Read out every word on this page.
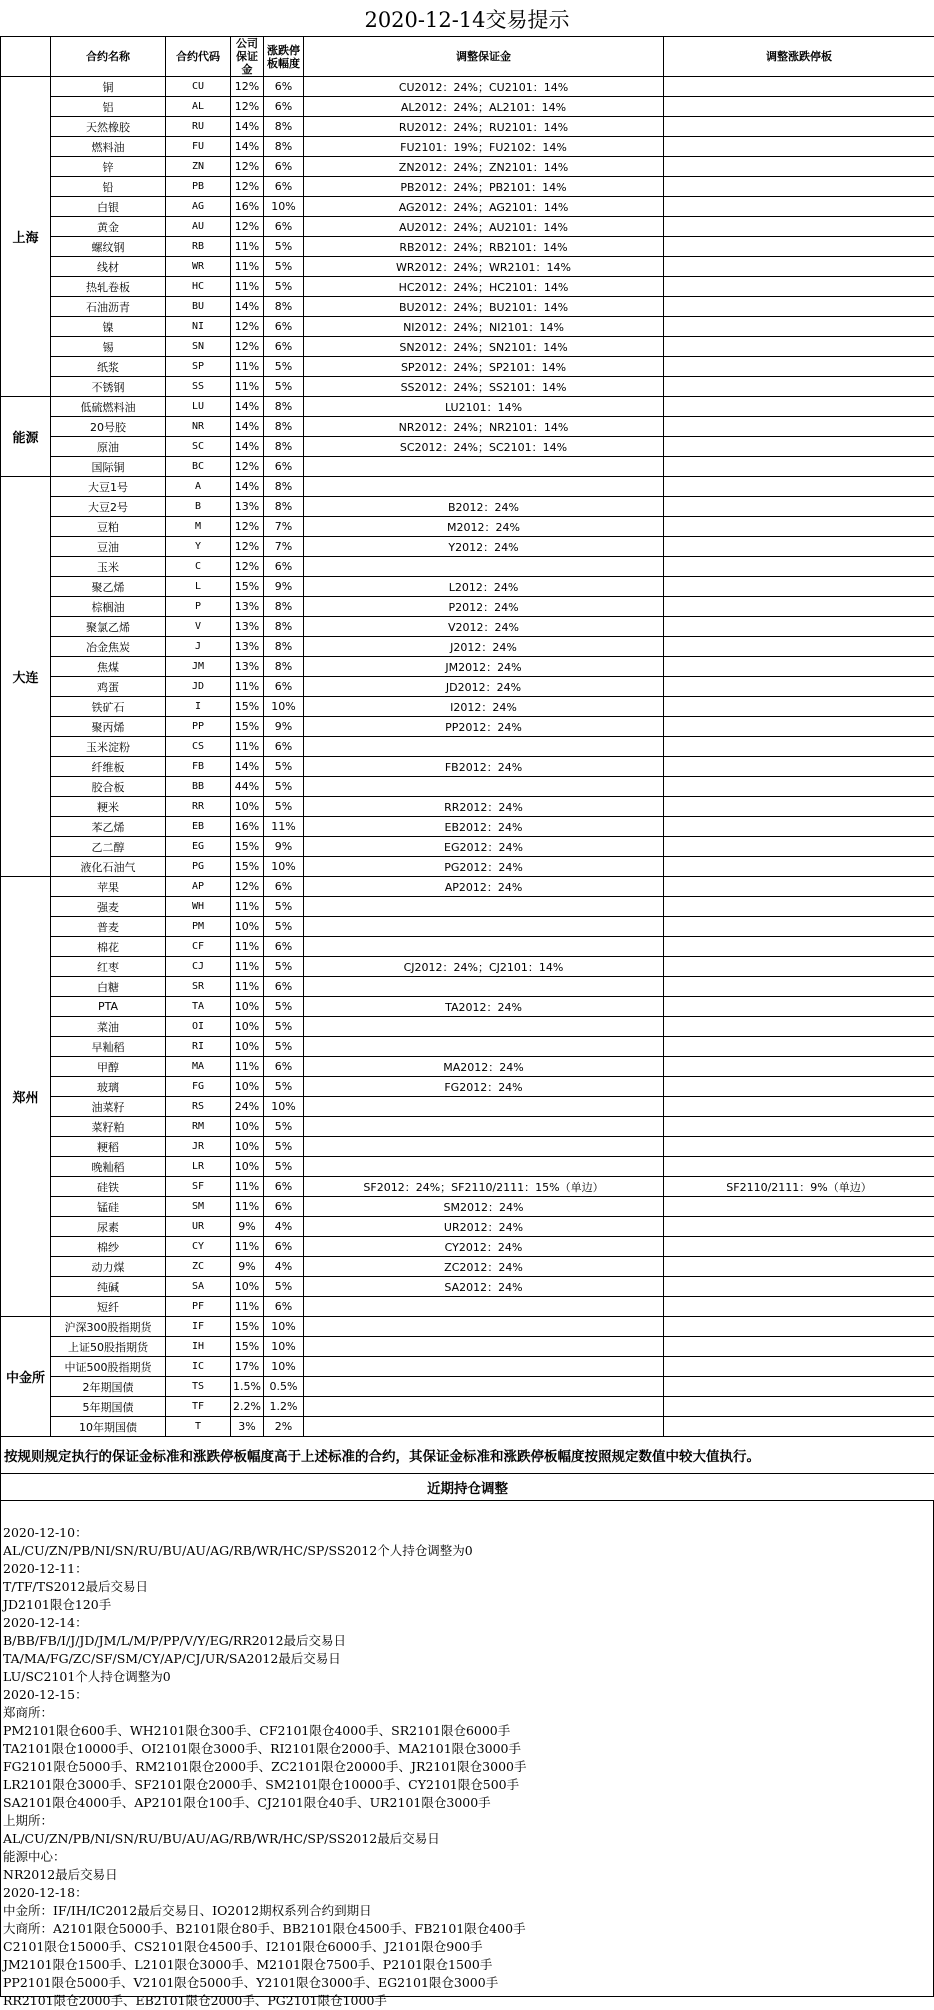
2020-12-14交易提示
	合约名称	合约代码	公司保证金	涨跌停板幅度	调整保证金	调整涨跌停板
上海	铜	CU	12%	6%	CU2012：24%；CU2101：14%	
	铝	AL	12%	6%	AL2012：24%；AL2101：14%	
	天然橡胶	RU	14%	8%	RU2012：24%；RU2101：14%	
	燃料油	FU	14%	8%	FU2101：19%；FU2102：14%	
	锌	ZN	12%	6%	ZN2012：24%；ZN2101：14%	
	铅	PB	12%	6%	PB2012：24%；PB2101：14%	
	白银	AG	16%	10%	AG2012：24%；AG2101：14%	
	黄金	AU	12%	6%	AU2012：24%；AU2101：14%	
	螺纹钢	RB	11%	5%	RB2012：24%；RB2101：14%	
	线材	WR	11%	5%	WR2012：24%；WR2101：14%	
	热轧卷板	HC	11%	5%	HC2012：24%；HC2101：14%	
	石油沥青	BU	14%	8%	BU2012：24%；BU2101：14%	
	镍	NI	12%	6%	NI2012：24%；NI2101：14%	
	锡	SN	12%	6%	SN2012：24%；SN2101：14%	
	纸浆	SP	11%	5%	SP2012：24%；SP2101：14%	
	不锈钢	SS	11%	5%	SS2012：24%；SS2101：14%	
能源	低硫燃料油	LU	14%	8%	LU2101：14%	
	20号胶	NR	14%	8%	NR2012：24%；NR2101：14%	
	原油	SC	14%	8%	SC2012：24%；SC2101：14%	
	国际铜	BC	12%	6%		
大连	大豆1号	A	14%	8%		
	大豆2号	B	13%	8%	B2012：24%	
	豆粕	M	12%	7%	M2012：24%	
	豆油	Y	12%	7%	Y2012：24%	
	玉米	C	12%	6%		
	聚乙烯	L	15%	9%	L2012：24%	
	棕榈油	P	13%	8%	P2012：24%	
	聚氯乙烯	V	13%	8%	V2012：24%	
	冶金焦炭	J	13%	8%	J2012：24%	
	焦煤	JM	13%	8%	JM2012：24%	
	鸡蛋	JD	11%	6%	JD2012：24%	
	铁矿石	I	15%	10%	I2012：24%	
	聚丙烯	PP	15%	9%	PP2012：24%	
	玉米淀粉	CS	11%	6%		
	纤维板	FB	14%	5%	FB2012：24%	
	胶合板	BB	44%	5%		
	粳米	RR	10%	5%	RR2012：24%	
	苯乙烯	EB	16%	11%	EB2012：24%	
	乙二醇	EG	15%	9%	EG2012：24%	
	液化石油气	PG	15%	10%	PG2012：24%	
郑州	苹果	AP	12%	6%	AP2012：24%	
	强麦	WH	11%	5%		
	普麦	PM	10%	5%		
	棉花	CF	11%	6%		
	红枣	CJ	11%	5%	CJ2012：24%；CJ2101：14%	
	白糖	SR	11%	6%		
	PTA	TA	10%	5%	TA2012：24%	
	菜油	OI	10%	5%		
	早籼稻	RI	10%	5%		
	甲醇	MA	11%	6%	MA2012：24%	
	玻璃	FG	10%	5%	FG2012：24%	
	油菜籽	RS	24%	10%		
	菜籽粕	RM	10%	5%		
	粳稻	JR	10%	5%		
	晚籼稻	LR	10%	5%		
	硅铁	SF	11%	6%	SF2012：24%；SF2110/2111：15%（单边）	SF2110/2111：9%（单边）
	锰硅	SM	11%	6%	SM2012：24%	
	尿素	UR	9%	4%	UR2012：24%	
	棉纱	CY	11%	6%	CY2012：24%	
	动力煤	ZC	9%	4%	ZC2012：24%	
	纯碱	SA	10%	5%	SA2012：24%	
	短纤	PF	11%	6%		
中金所	沪深300股指期货	IF	15%	10%		
	上证50股指期货	IH	15%	10%		
	中证500股指期货	IC	17%	10%		
	2年期国债	TS	1.5%	0.5%		
	5年期国债	TF	2.2%	1.2%		
	10年期国债	T	3%	2%		
按规则规定执行的保证金标准和涨跌停板幅度高于上述标准的合约，其保证金标准和涨跌停板幅度按照规定数值中较大值执行。						
近期持仓调整						
2020-12-10：
AL/CU/ZN/PB/NI/SN/RU/BU/AU/AG/RB/WR/HC/SP/SS2012个人持仓调整为0
2020-12-11：
T/TF/TS2012最后交易日
JD2101限仓120手
2020-12-14：
B/BB/FB/I/J/JD/JM/L/M/P/PP/V/Y/EG/RR2012最后交易日
TA/MA/FG/ZC/SF/SM/CY/AP/CJ/UR/SA2012最后交易日
LU/SC2101个人持仓调整为0
2020-12-15：
郑商所：
PM2101限仓600手、WH2101限仓300手、CF2101限仓4000手、SR2101限仓6000手
TA2101限仓10000手、OI2101限仓3000手、RI2101限仓2000手、MA2101限仓3000手
FG2101限仓5000手、RM2101限仓2000手、ZC2101限仓20000手、JR2101限仓3000手
LR2101限仓3000手、SF2101限仓2000手、SM2101限仓10000手、CY2101限仓500手
SA2101限仓4000手、AP2101限仓100手、CJ2101限仓40手、UR2101限仓3000手
上期所：
AL/CU/ZN/PB/NI/SN/RU/BU/AU/AG/RB/WR/HC/SP/SS2012最后交易日
能源中心：
NR2012最后交易日
2020-12-18：
中金所：IF/IH/IC2012最后交易日、IO2012期权系列合约到期日
大商所：A2101限仓5000手、B2101限仓80手、BB2101限仓4500手、FB2101限仓400手
C2101限仓15000手、CS2101限仓4500手、I2101限仓6000手、J2101限仓900手
JM2101限仓1500手、L2101限仓3000手、M2101限仓7500手、P2101限仓1500手
PP2101限仓5000手、V2101限仓5000手、Y2101限仓3000手、EG2101限仓3000手
RR2101限仓2000手、EB2101限仓2000手、PG2101限仓1000手
